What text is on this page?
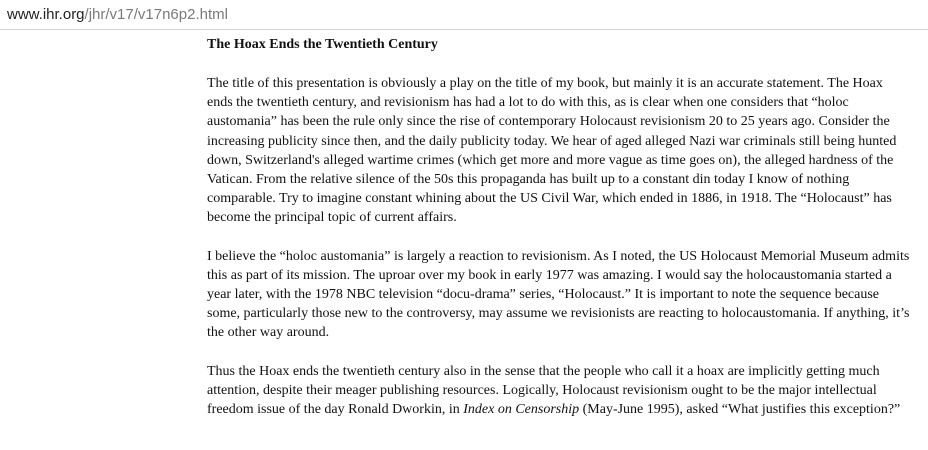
www.ihr.org/jhr/v17/v17n6p2.html
The Hoax Ends the Twentieth Century

The title of this presentation is obviously a play on the title of my book, but mainly it is an accurate statement. The Hoax ends the twentieth century, and revisionism has had a lot to do with this, as is clear when one considers that “holoc austomania” has been the rule only since the rise of contemporary Holocaust revisionism 20 to 25 years ago. Consider the increasing publicity since then, and the daily publicity today. We hear of aged alleged Nazi war criminals still being hunted down, Switzerland's alleged wartime crimes (which get more and more vague as time goes on), the alleged hardness of the Vatican. From the relative silence of the 50s this propaganda has built up to a constant din today I know of nothing comparable. Try to imagine constant whining about the US Civil War, which ended in 1886, in 1918. The “Holocaust” has become the principal topic of current affairs.

I believe the “holoc austomania” is largely a reaction to revisionism. As I noted, the US Holocaust Memorial Museum admits this as part of its mission. The uproar over my book in early 1977 was amazing. I would say the holocaustomania started a year later, with the 1978 NBC television “docu-drama” series, “Holocaust.” It is important to note the sequence because some, particularly those new to the controversy, may assume we revisionists are reacting to holocaustomania. If anything, it’s the other way around.

Thus the Hoax ends the twentieth century also in the sense that the people who call it a hoax are implicitly getting much attention, despite their meager publishing resources. Logically, Holocaust revisionism ought to be the major intellectual freedom issue of the day Ronald Dworkin, in Index on Censorship (May-June 1995), asked “What justifies this exception?”
